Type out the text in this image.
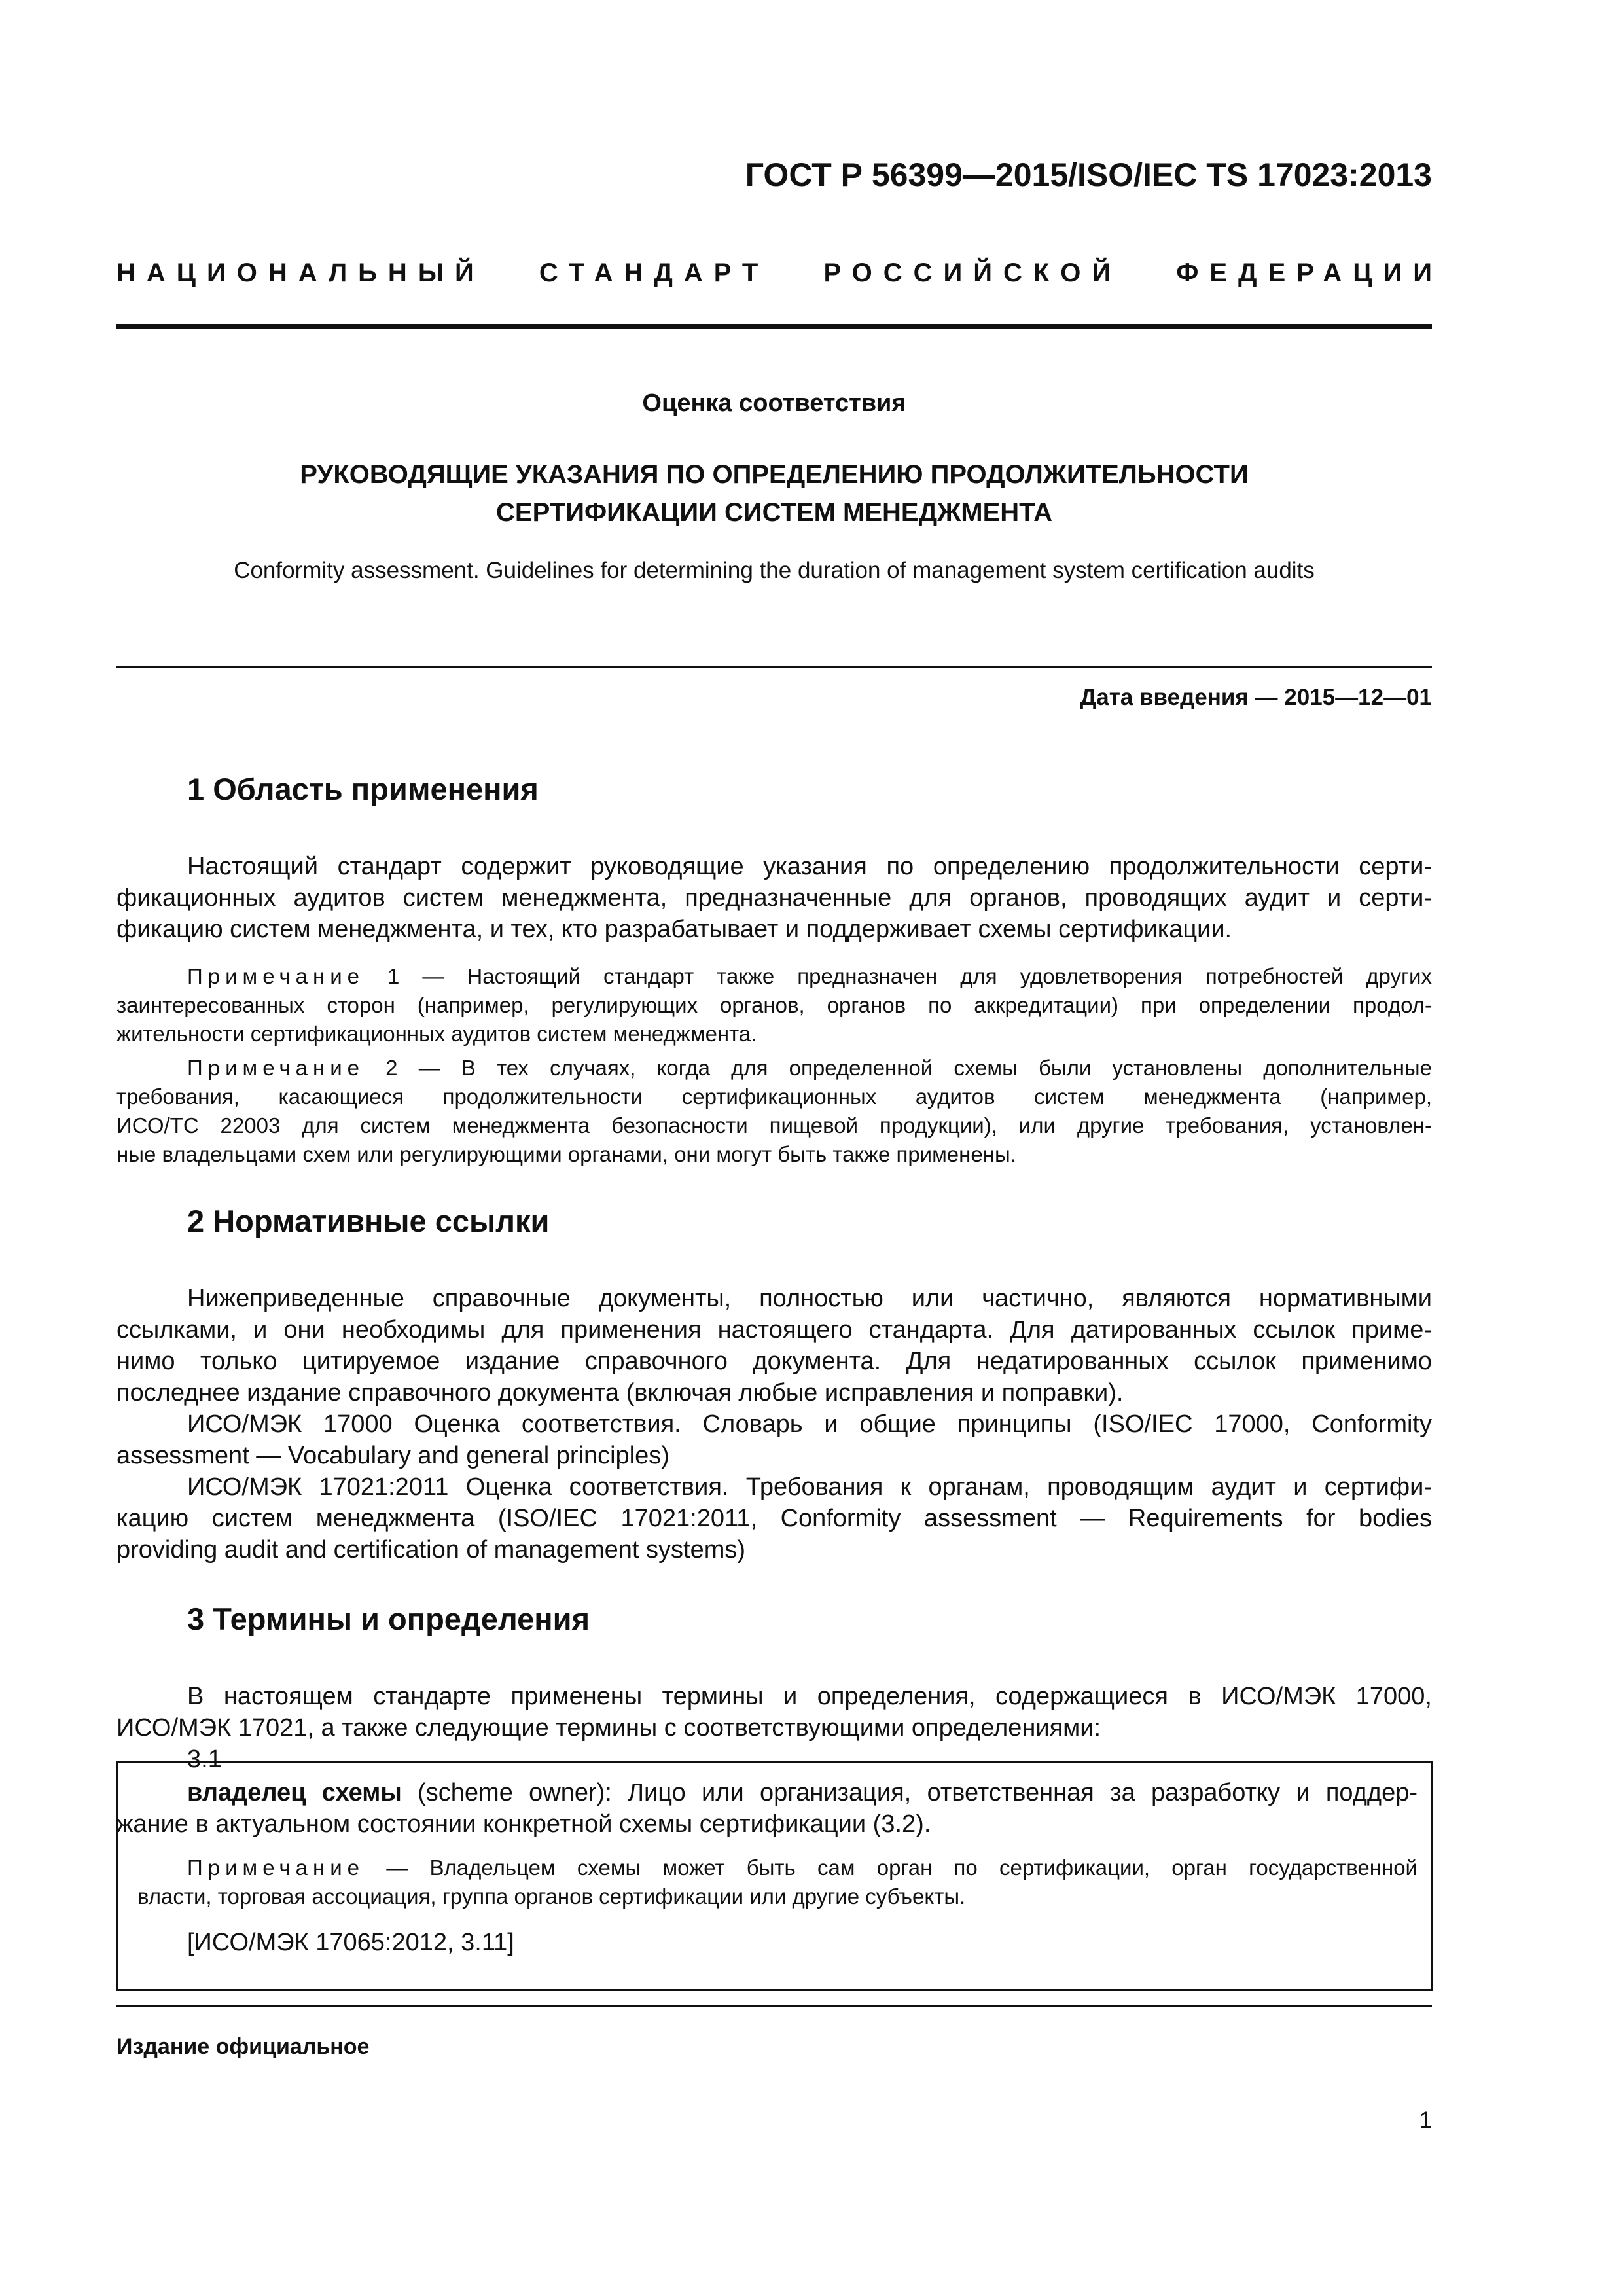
ГОСТ Р 56399—2015/ISO/IEC TS 17023:2013
НАЦИОНАЛЬНЫЙ СТАНДАРТ РОССИЙСКОЙ ФЕДЕРАЦИИ
Оценка соответствия
РУКОВОДЯЩИЕ УКАЗАНИЯ ПО ОПРЕДЕЛЕНИЮ ПРОДОЛЖИТЕЛЬНОСТИ
СЕРТИФИКАЦИИ СИСТЕМ МЕНЕДЖМЕНТА
Conformity assessment. Guidelines for determining the duration of management system certification audits
Дата введения — 2015—12—01
1 Область применения

Настоящий стандарт содержит руководящие указания по определению продолжительности серти-
фикационных аудитов систем менеджмента, предназначенные для органов, проводящих аудит и серти-
фикацию систем менеджмента, и тех, кто разрабатывает и поддерживает схемы сертификации.

Примечание 1 — Настоящий стандарт также предназначен для удовлетворения потребностей других
заинтересованных сторон (например, регулирующих органов, органов по аккредитации) при определении продол-
жительности сертификационных аудитов систем менеджмента.

Примечание 2 — В тех случаях, когда для определенной схемы были установлены дополнительные
требования, касающиеся продолжительности сертификационных аудитов систем менеджмента (например,
ИСО/ТС 22003 для систем менеджмента безопасности пищевой продукции), или другие требования, установлен-
ные владельцами схем или регулирующими органами, они могут быть также применены.

2 Нормативные ссылки

Нижеприведенные справочные документы, полностью или частично, являются нормативными
ссылками, и они необходимы для применения настоящего стандарта. Для датированных ссылок приме-
нимо только цитируемое издание справочного документа. Для недатированных ссылок применимо
последнее издание справочного документа (включая любые исправления и поправки).

ИСО/МЭК 17000 Оценка соответствия. Словарь и общие принципы (ISO/IEC 17000, Conformity
assessment — Vocabulary and general principles)

ИСО/МЭК 17021:2011 Оценка соответствия. Требования к органам, проводящим аудит и сертифи-
кацию систем менеджмента (ISO/IEC 17021:2011, Conformity assessment — Requirements for bodies
providing audit and certification of management systems)

3 Термины и определения

В настоящем стандарте применены термины и определения, содержащиеся в ИСО/МЭК 17000,
ИСО/МЭК 17021, а также следующие термины с соответствующими определениями:
3.1

владелец схемы (scheme owner): Лицо или организация, ответственная за разработку и поддер-
жание в актуальном состоянии конкретной схемы сертификации (3.2).

Примечание — Владельцем схемы может быть сам орган по сертификации, орган государственной
власти, торговая ассоциация, группа органов сертификации или другие субъекты.

[ИСО/МЭК 17065:2012, 3.11]
Издание официальное
1
